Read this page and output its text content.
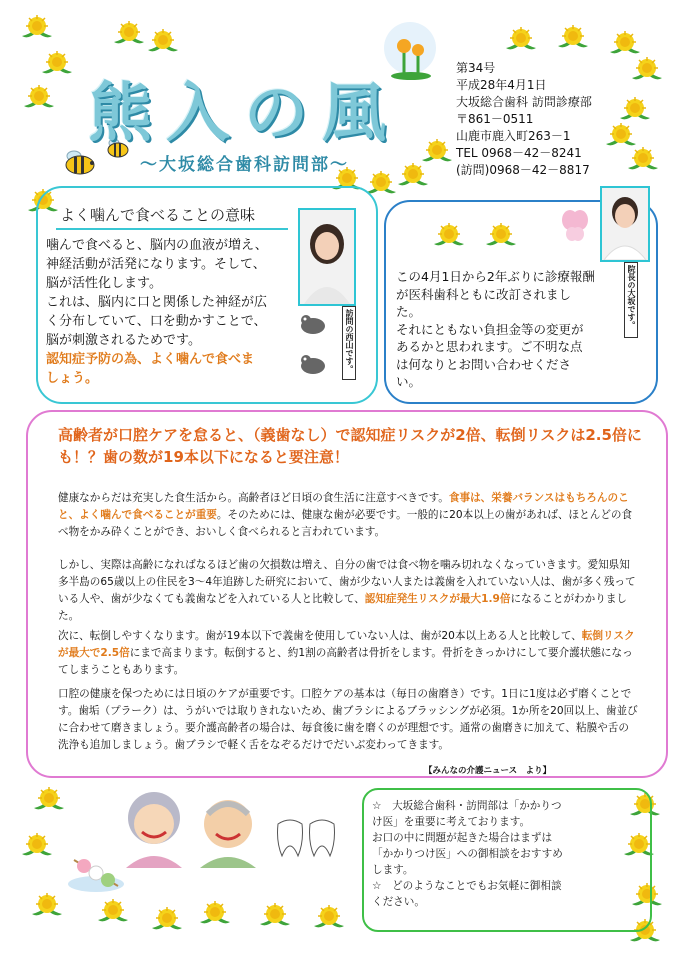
熊入の風
〜大坂総合歯科訪問部〜
第34号
平成28年4月1日
大坂総合歯科 訪問診療部
〒861－0511
山鹿市鹿入町263－1
TEL 0968－42－8241
(訪問)0968－42－8817
よく噛んで食べることの意味
噛んで食べると、脳内の血液が増え、
神経活動が活発になります。そして、
脳が活性化します。
これは、脳内に口と関係した神経が広
く分布していて、口を動かすことで、
脳が刺激されるためです。
認知症予防の為、よく噛んで食べま
しょう。
訪問の西山です。
院長の大坂です。
この4月1日から2年ぶりに診療報酬
が医科歯科ともに改訂されまし
た。
それにともない負担金等の変更が
あるかと思われます。ご不明な点
は何なりとお問い合わせくださ
い。
高齢者が口腔ケアを怠ると、（義歯なし）で認知症リスクが2倍、転倒リスクは2.5倍にも！？歯の数が19本以下になると要注意！
健康なからだは充実した食生活から。高齢者ほど日頃の食生活に注意すべきです。食事は、栄養バランスはもちろんのこと、よく噛んで食べることが重要。そのためには、健康な歯が必要です。一般的に20本以上の歯があれば、ほとんどの食べ物をかみ砕くことができ、おいしく食べられると言われています。
しかし、実際は高齢になればなるほど歯の欠損数は増え、自分の歯では食べ物を噛み切れなくなっていきます。愛知県知多半島の65歳以上の住民を3〜4年追跡した研究において、歯が少ない人または義歯を入れていない人は、歯が多く残っている人や、歯が少なくても義歯などを入れている人と比較して、認知症発生リスクが最大1.9倍になることがわかりました。
次に、転倒しやすくなります。歯が19本以下で義歯を使用していない人は、歯が20本以上ある人と比較して、転倒リスクが最大で2.5倍にまで高まります。転倒すると、約1割の高齢者は骨折をします。骨折をきっかけにして要介護状態になってしまうこともあります。
口腔の健康を保つためには日頃のケアが重要です。口腔ケアの基本は（毎日の歯磨き）です。1日に1度は必ず磨くことです。歯垢（プラーク）は、うがいでは取りきれないため、歯ブラシによるブラッシングが必須。1か所を20回以上、歯並びに合わせて磨きましょう。要介護高齢者の場合は、毎食後に歯を磨くのが理想です。通常の歯磨きに加えて、粘膜や舌の洗浄も追加しましょう。歯ブラシで軽く舌をなぞるだけでだいぶ変わってきます。
【みんなの介護ニュース　より】
☆　大坂総合歯科・訪問部は「かかりつ
け医」を重要に考えております。
お口の中に問題が起きた場合はまずは
「かかりつけ医」への御相談をおすすめ
します。
☆　どのようなことでもお気軽に御相談
ください。
